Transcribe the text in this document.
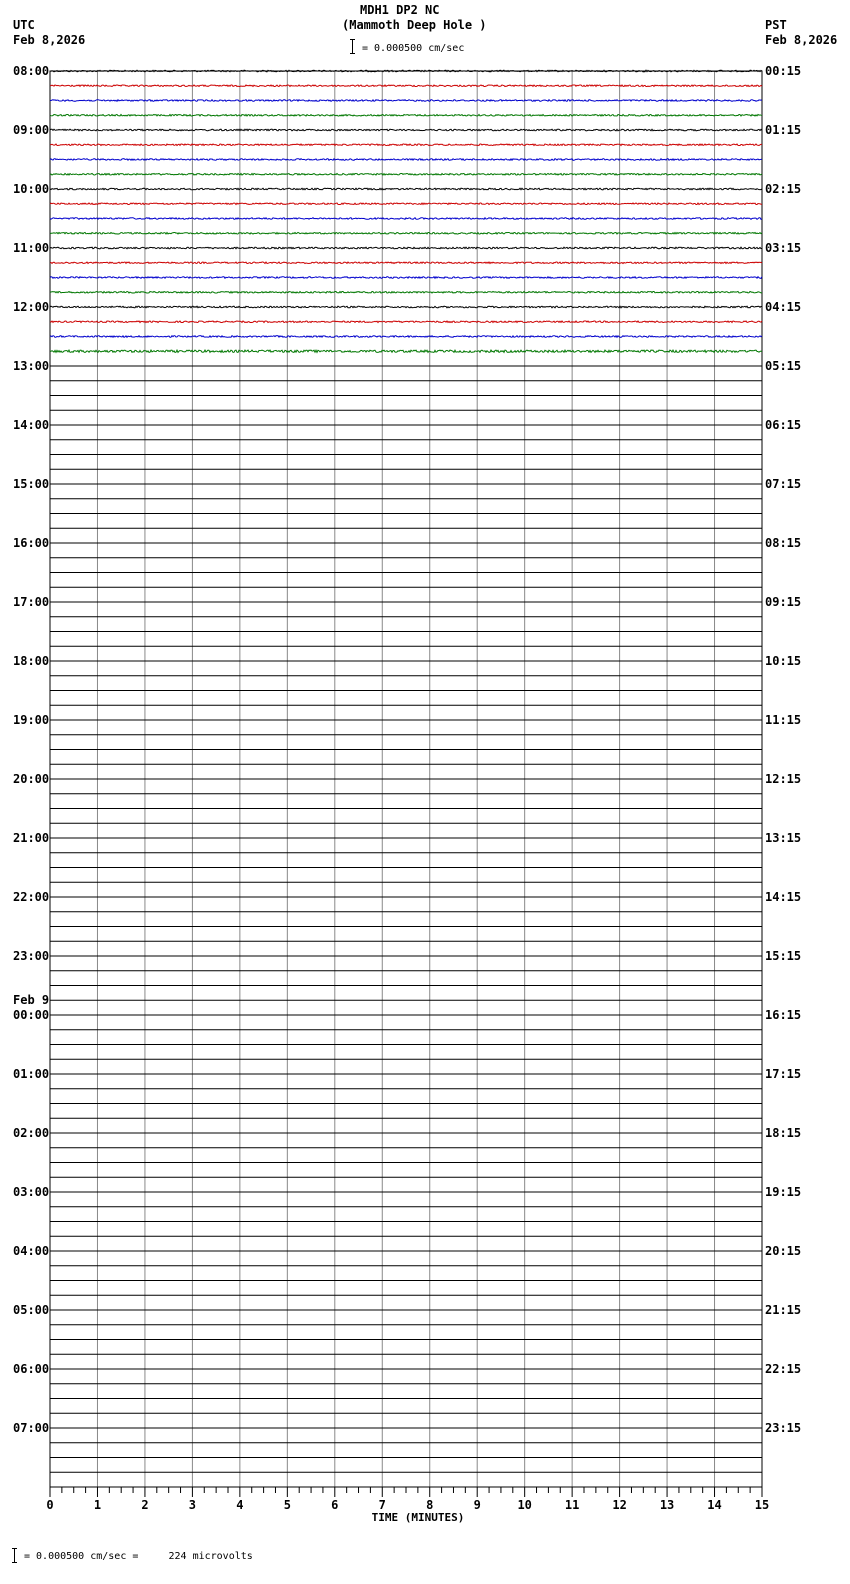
MDH1 DP2 NC
(Mammoth Deep Hole )
= 0.000500 cm/sec
UTC
Feb 8,2026
PST
Feb 8,2026
08:00	00:15
09:00	01:15
10:00	02:15
11:00	03:15
12:00	04:15
13:00	05:15
14:00	06:15
15:00	07:15
16:00	08:15
17:00	09:15
18:00	10:15
19:00	11:15
20:00	12:15
21:00	13:15
22:00	14:15
23:00	15:15
00:00	16:15
Feb 9
01:00	17:15
02:00	18:15
03:00	19:15
04:00	20:15
05:00	21:15
06:00	22:15
07:00	23:15
0	1	2	3	4	5	6	7	8	9	10	11	12	13	14	15
TIME (MINUTES)
= 0.000500 cm/sec =     224 microvolts
